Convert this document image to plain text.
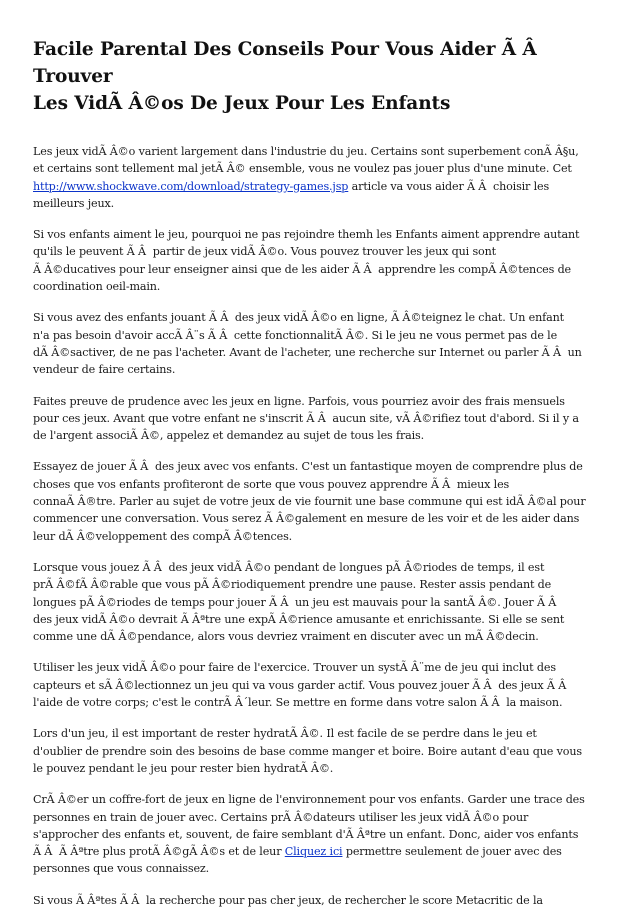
Facile Parental Des Conseils Pour Vous Aider Ã Â  Trouver
Les VidÃ Â©os De Jeux Pour Les Enfants

Les jeux vidÃ Â©o varient largement dans l'industrie du jeu. Certains sont superbement conÃ Â§u,
et certains sont tellement mal jetÃ Â© ensemble, vous ne voulez pas jouer plus d'une minute. Cet
http://www.shockwave.com/download/strategy-games.jsp article va vous aider Ã Â  choisir les
meilleurs jeux.

Si vos enfants aiment le jeu, pourquoi ne pas rejoindre themh les Enfants aiment apprendre autant
qu'ils le peuvent Ã Â  partir de jeux vidÃ Â©o. Vous pouvez trouver les jeux qui sont
Ã Â©ducatives pour leur enseigner ainsi que de les aider Ã Â  apprendre les compÃ Â©tences de
coordination oeil-main.

Si vous avez des enfants jouant Ã Â  des jeux vidÃ Â©o en ligne, Ã Â©teignez le chat. Un enfant
n'a pas besoin d'avoir accÃ Â¨s Ã Â  cette fonctionnalitÃ Â©. Si le jeu ne vous permet pas de le
dÃ Â©sactiver, de ne pas l'acheter. Avant de l'acheter, une recherche sur Internet ou parler Ã Â  un
vendeur de faire certains.

Faites preuve de prudence avec les jeux en ligne. Parfois, vous pourriez avoir des frais mensuels
pour ces jeux. Avant que votre enfant ne s'inscrit Ã Â  aucun site, vÃ Â©rifiez tout d'abord. Si il y a
de l'argent associÃ Â©, appelez et demandez au sujet de tous les frais.

Essayez de jouer Ã Â  des jeux avec vos enfants. C'est un fantastique moyen de comprendre plus de
choses que vos enfants profiteront de sorte que vous pouvez apprendre Ã Â  mieux les
connaÃ Â®tre. Parler au sujet de votre jeux de vie fournit une base commune qui est idÃ Â©al pour
commencer une conversation. Vous serez Ã Â©galement en mesure de les voir et de les aider dans
leur dÃ Â©veloppement des compÃ Â©tences.

Lorsque vous jouez Ã Â  des jeux vidÃ Â©o pendant de longues pÃ Â©riodes de temps, il est
prÃ Â©fÃ Â©rable que vous pÃ Â©riodiquement prendre une pause. Rester assis pendant de
longues pÃ Â©riodes de temps pour jouer Ã Â  un jeu est mauvais pour la santÃ Â©. Jouer Ã Â
des jeux vidÃ Â©o devrait Ã Âªtre une expÃ Â©rience amusante et enrichissante. Si elle se sent
comme une dÃ Â©pendance, alors vous devriez vraiment en discuter avec un mÃ Â©decin.

Utiliser les jeux vidÃ Â©o pour faire de l'exercice. Trouver un systÃ Â¨me de jeu qui inclut des
capteurs et sÃ Â©lectionnez un jeu qui va vous garder actif. Vous pouvez jouer Ã Â  des jeux Ã Â
l'aide de votre corps; c'est le contrÃ Â´leur. Se mettre en forme dans votre salon Ã Â  la maison.

Lors d'un jeu, il est important de rester hydratÃ Â©. Il est facile de se perdre dans le jeu et
d'oublier de prendre soin des besoins de base comme manger et boire. Boire autant d'eau que vous
le pouvez pendant le jeu pour rester bien hydratÃ Â©.

CrÃ Â©er un coffre-fort de jeux en ligne de l'environnement pour vos enfants. Garder une trace des
personnes en train de jouer avec. Certains prÃ Â©dateurs utiliser les jeux vidÃ Â©o pour
s'approcher des enfants et, souvent, de faire semblant d'Ã Âªtre un enfant. Donc, aider vos enfants
Ã Â  Ã Âªtre plus protÃ Â©gÃ Â©s et de leur Cliquez ici permettre seulement de jouer avec des
personnes que vous connaissez.

Si vous Ã Âªtes Ã Â  la recherche pour pas cher jeux, de rechercher le score Metacritic de la
